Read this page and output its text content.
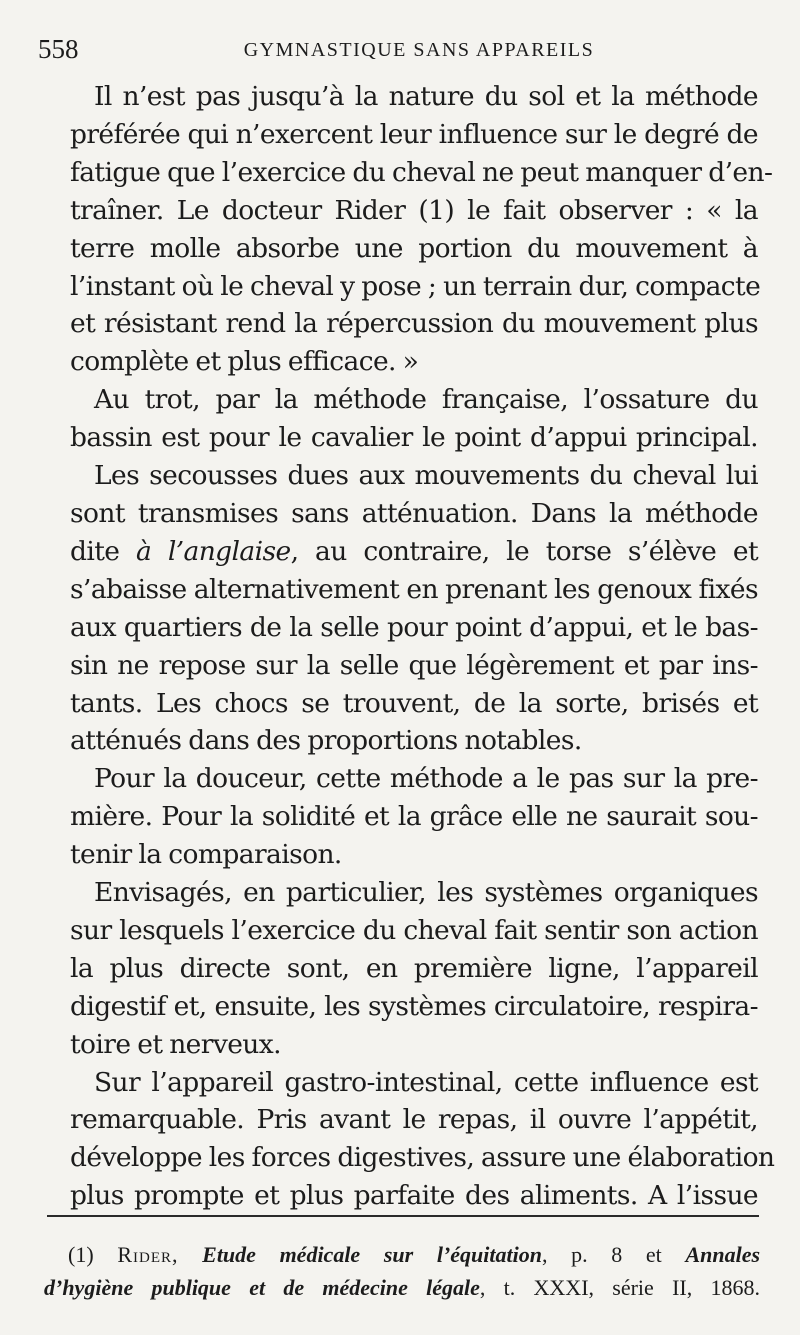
558	GYMNASTIQUE SANS APPAREILS
Il n’est pas jusqu’à la nature du sol et la méthode
préférée qui n’exercent leur influence sur le degré de
fatigue que l’exercice du cheval ne peut manquer d’en-
traîner. Le docteur Rider (1) le fait observer : « la
terre molle absorbe une portion du mouvement à
l’instant où le cheval y pose ; un terrain dur, compacte
et résistant rend la répercussion du mouvement plus
complète et plus efficace. »
Au trot, par la méthode française, l’ossature du
bassin est pour le cavalier le point d’appui principal.
Les secousses dues aux mouvements du cheval lui
sont transmises sans atténuation. Dans la méthode
dite à l’anglaise, au contraire, le torse s’élève et
s’abaisse alternativement en prenant les genoux fixés
aux quartiers de la selle pour point d’appui, et le bas-
sin ne repose sur la selle que légèrement et par ins-
tants. Les chocs se trouvent, de la sorte, brisés et
atténués dans des proportions notables.
Pour la douceur, cette méthode a le pas sur la pre-
mière. Pour la solidité et la grâce elle ne saurait sou-
tenir la comparaison.
Envisagés, en particulier, les systèmes organiques
sur lesquels l’exercice du cheval fait sentir son action
la plus directe sont, en première ligne, l’appareil
digestif et, ensuite, les systèmes circulatoire, respira-
toire et nerveux.
Sur l’appareil gastro-intestinal, cette influence est
remarquable. Pris avant le repas, il ouvre l’appétit,
développe les forces digestives, assure une élaboration
plus prompte et plus parfaite des aliments. A l’issue
(1) Rider, Etude médicale sur l’équitation, p. 8 et Annales
d’hygiène publique et de médecine légale, t. XXXI, série II, 1868.
